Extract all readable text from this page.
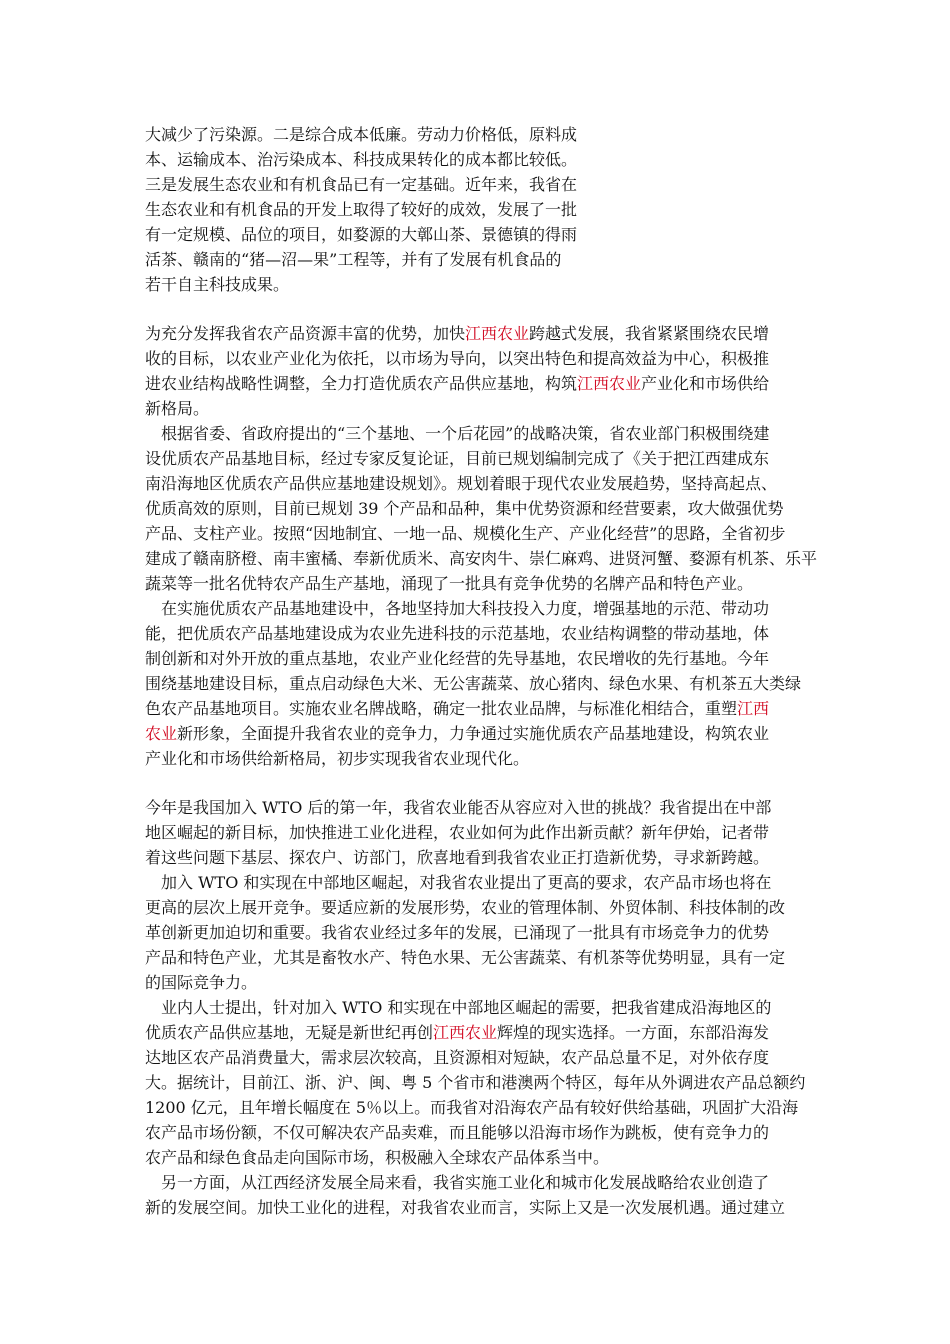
大减少了污染源。二是综合成本低廉。劳动力价格低，原料成
本、运输成本、治污染成本、科技成果转化的成本都比较低。
三是发展生态农业和有机食品已有一定基础。近年来，我省在
生态农业和有机食品的开发上取得了较好的成效，发展了一批
有一定规模、品位的项目，如婺源的大鄣山茶、景德镇的得雨
活茶、赣南的“猪—沼—果”工程等，并有了发展有机食品的
若干自主科技成果。
为充分发挥我省农产品资源丰富的优势，加快江西农业跨越式发展，我省紧紧围绕农民增
收的目标，以农业产业化为依托，以市场为导向，以突出特色和提高效益为中心，积极推
进农业结构战略性调整，全力打造优质农产品供应基地，构筑江西农业产业化和市场供给
新格局。
　根据省委、省政府提出的“三个基地、一个后花园”的战略决策，省农业部门积极围绕建
设优质农产品基地目标，经过专家反复论证，目前已规划编制完成了《关于把江西建成东
南沿海地区优质农产品供应基地建设规划》。规划着眼于现代农业发展趋势，坚持高起点、
优质高效的原则，目前已规划 39 个产品和品种，集中优势资源和经营要素，攻大做强优势
产品、支柱产业。按照“因地制宜、一地一品、规模化生产、产业化经营”的思路，全省初步
建成了赣南脐橙、南丰蜜橘、奉新优质米、高安肉牛、崇仁麻鸡、进贤河蟹、婺源有机茶、乐平
蔬菜等一批名优特农产品生产基地，涌现了一批具有竞争优势的名牌产品和特色产业。
　在实施优质农产品基地建设中，各地坚持加大科技投入力度，增强基地的示范、带动功
能，把优质农产品基地建设成为农业先进科技的示范基地，农业结构调整的带动基地，体
制创新和对外开放的重点基地，农业产业化经营的先导基地，农民增收的先行基地。今年
围绕基地建设目标，重点启动绿色大米、无公害蔬菜、放心猪肉、绿色水果、有机茶五大类绿
色农产品基地项目。实施农业名牌战略，确定一批农业品牌，与标准化相结合，重塑江西
农业新形象，全面提升我省农业的竞争力，力争通过实施优质农产品基地建设，构筑农业
产业化和市场供给新格局，初步实现我省农业现代化。
今年是我国加入 WTO 后的第一年，我省农业能否从容应对入世的挑战？我省提出在中部
地区崛起的新目标，加快推进工业化进程，农业如何为此作出新贡献？新年伊始，记者带
着这些问题下基层、探农户、访部门，欣喜地看到我省农业正打造新优势，寻求新跨越。
　加入 WTO 和实现在中部地区崛起，对我省农业提出了更高的要求，农产品市场也将在
更高的层次上展开竞争。要适应新的发展形势，农业的管理体制、外贸体制、科技体制的改
革创新更加迫切和重要。我省农业经过多年的发展，已涌现了一批具有市场竞争力的优势
产品和特色产业，尤其是畜牧水产、特色水果、无公害蔬菜、有机茶等优势明显，具有一定
的国际竞争力。
　业内人士提出，针对加入 WTO 和实现在中部地区崛起的需要，把我省建成沿海地区的
优质农产品供应基地，无疑是新世纪再创江西农业辉煌的现实选择。一方面，东部沿海发
达地区农产品消费量大，需求层次较高，且资源相对短缺，农产品总量不足，对外依存度
大。据统计，目前江、浙、沪、闽、粤 5 个省市和港澳两个特区，每年从外调进农产品总额约
1200 亿元，且年增长幅度在 5％以上。而我省对沿海农产品有较好供给基础，巩固扩大沿海
农产品市场份额，不仅可解决农产品卖难，而且能够以沿海市场作为跳板，使有竞争力的
农产品和绿色食品走向国际市场，积极融入全球农产品体系当中。
　另一方面，从江西经济发展全局来看，我省实施工业化和城市化发展战略给农业创造了
新的发展空间。加快工业化的进程，对我省农业而言，实际上又是一次发展机遇。通过建立
